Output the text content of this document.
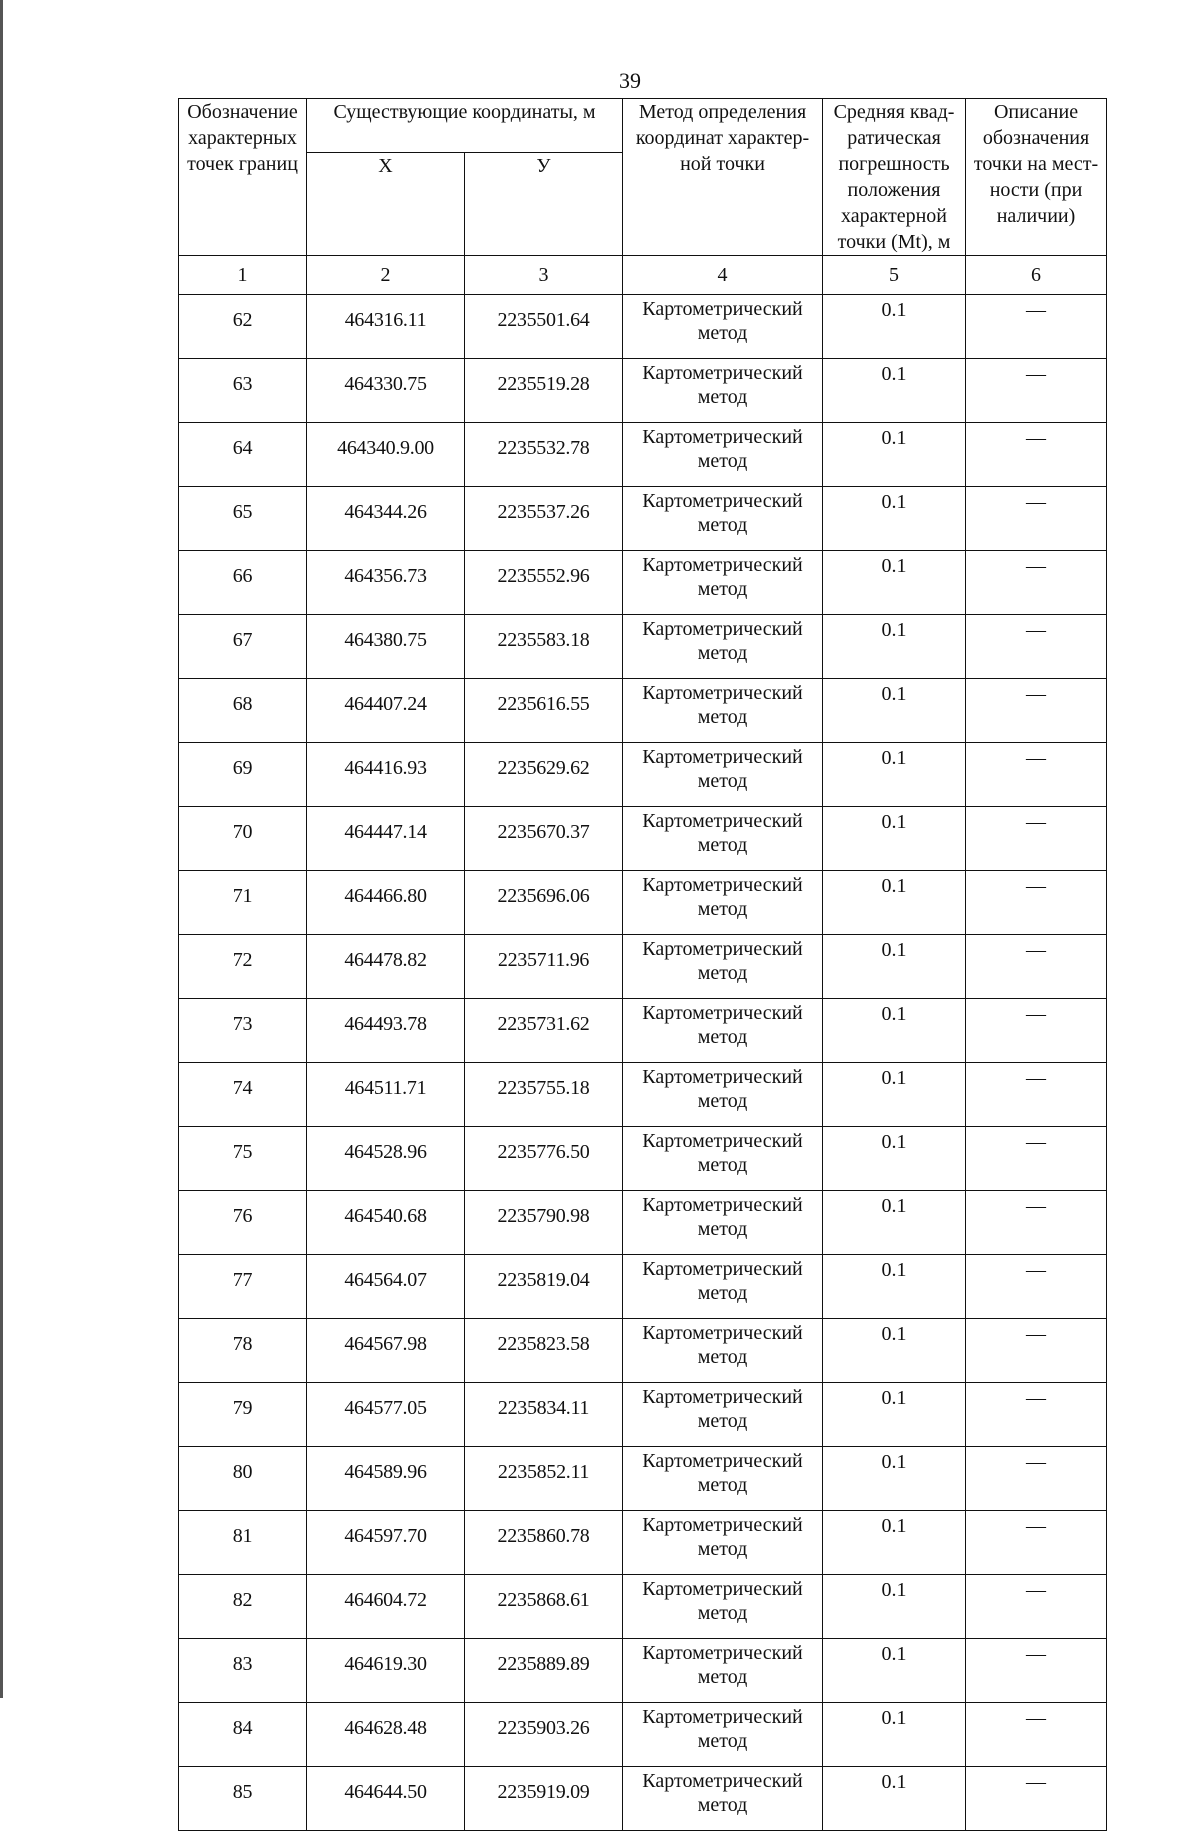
39
Обозначение характерных точек границ	Существующие координаты, м		Метод определения координат характер-ной точки	Средняя квад-ратическая погрешность положения характерной точки (Mt), м	Описание обозначения точки на мест-ности (при наличии)
	X	У			
1	2	3	4	5	6
62	464316.11	2235501.64	Картометрический метод	0.1	—
63	464330.75	2235519.28	Картометрический метод	0.1	—
64	464340.9.00	2235532.78	Картометрический метод	0.1	—
65	464344.26	2235537.26	Картометрический метод	0.1	—
66	464356.73	2235552.96	Картометрический метод	0.1	—
67	464380.75	2235583.18	Картометрический метод	0.1	—
68	464407.24	2235616.55	Картометрический метод	0.1	—
69	464416.93	2235629.62	Картометрический метод	0.1	—
70	464447.14	2235670.37	Картометрический метод	0.1	—
71	464466.80	2235696.06	Картометрический метод	0.1	—
72	464478.82	2235711.96	Картометрический метод	0.1	—
73	464493.78	2235731.62	Картометрический метод	0.1	—
74	464511.71	2235755.18	Картометрический метод	0.1	—
75	464528.96	2235776.50	Картометрический метод	0.1	—
76	464540.68	2235790.98	Картометрический метод	0.1	—
77	464564.07	2235819.04	Картометрический метод	0.1	—
78	464567.98	2235823.58	Картометрический метод	0.1	—
79	464577.05	2235834.11	Картометрический метод	0.1	—
80	464589.96	2235852.11	Картометрический метод	0.1	—
81	464597.70	2235860.78	Картометрический метод	0.1	—
82	464604.72	2235868.61	Картометрический метод	0.1	—
83	464619.30	2235889.89	Картометрический метод	0.1	—
84	464628.48	2235903.26	Картометрический метод	0.1	—
85	464644.50	2235919.09	Картометрический метод	0.1	—
